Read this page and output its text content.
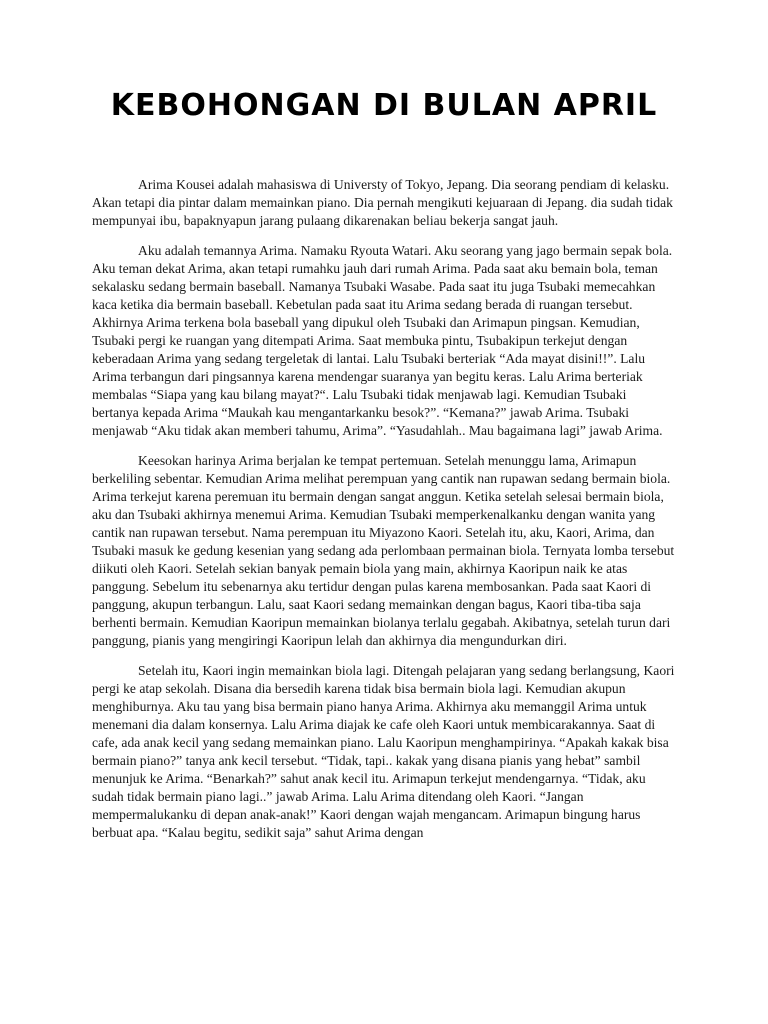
KEBOHONGAN DI BULAN APRIL

Arima Kousei adalah mahasiswa di Universty of Tokyo, Jepang. Dia seorang pendiam di kelasku. Akan tetapi dia pintar dalam memainkan piano. Dia pernah mengikuti kejuaraan di Jepang. dia sudah tidak mempunyai ibu, bapaknyapun jarang pulaang dikarenakan beliau bekerja sangat jauh.

Aku adalah temannya Arima. Namaku Ryouta Watari. Aku seorang yang jago bermain sepak bola. Aku teman dekat Arima, akan tetapi rumahku jauh dari rumah Arima. Pada saat aku bemain bola, teman sekalasku sedang bermain baseball. Namanya Tsubaki Wasabe. Pada saat itu juga Tsubaki memecahkan kaca ketika dia bermain baseball. Kebetulan pada saat itu Arima sedang berada di ruangan tersebut. Akhirnya Arima terkena bola baseball yang dipukul oleh Tsubaki dan Arimapun pingsan. Kemudian, Tsubaki pergi ke ruangan yang ditempati Arima. Saat membuka pintu, Tsubakipun terkejut dengan keberadaan Arima yang sedang tergeletak di lantai. Lalu Tsubaki berteriak “Ada mayat disini!!”. Lalu Arima terbangun dari pingsannya karena mendengar suaranya yan begitu keras. Lalu Arima berteriak membalas “Siapa yang kau bilang mayat?“. Lalu Tsubaki tidak menjawab lagi. Kemudian Tsubaki bertanya kepada Arima “Maukah kau mengantarkanku besok?”. “Kemana?” jawab Arima. Tsubaki menjawab “Aku tidak akan memberi tahumu, Arima”. “Yasudahlah.. Mau bagaimana lagi” jawab Arima.

Keesokan harinya Arima berjalan ke tempat pertemuan. Setelah menunggu lama, Arimapun berkeliling sebentar. Kemudian Arima melihat perempuan yang cantik nan rupawan sedang bermain biola. Arima terkejut karena peremuan itu bermain dengan sangat anggun. Ketika setelah selesai bermain biola, aku dan Tsubaki akhirnya menemui Arima. Kemudian Tsubaki memperkenalkanku dengan wanita yang cantik nan rupawan tersebut. Nama perempuan itu Miyazono Kaori. Setelah itu, aku, Kaori, Arima, dan Tsubaki masuk ke gedung kesenian yang sedang ada perlombaan permainan biola. Ternyata lomba tersebut diikuti oleh Kaori. Setelah sekian banyak pemain biola yang main, akhirnya Kaoripun naik ke atas panggung. Sebelum itu sebenarnya aku tertidur dengan pulas karena membosankan. Pada saat Kaori di panggung, akupun terbangun. Lalu, saat Kaori sedang memainkan dengan bagus, Kaori tiba-tiba saja berhenti bermain. Kemudian Kaoripun memainkan biolanya terlalu gegabah. Akibatnya, setelah turun dari panggung, pianis yang mengiringi Kaoripun lelah dan akhirnya dia mengundurkan diri.

Setelah itu, Kaori ingin memainkan biola lagi. Ditengah pelajaran yang sedang berlangsung, Kaori pergi ke atap sekolah. Disana dia bersedih karena tidak bisa bermain biola lagi. Kemudian akupun menghiburnya. Aku tau yang bisa bermain piano hanya Arima. Akhirnya aku memanggil Arima untuk menemani dia dalam konsernya. Lalu Arima diajak ke cafe oleh Kaori untuk membicarakannya. Saat di cafe, ada anak kecil yang sedang memainkan piano. Lalu Kaoripun menghampirinya. “Apakah kakak bisa bermain piano?” tanya ank kecil tersebut. “Tidak, tapi.. kakak yang disana pianis yang hebat” sambil menunjuk ke Arima. “Benarkah?” sahut anak kecil itu. Arimapun terkejut mendengarnya. “Tidak, aku sudah tidak bermain piano lagi..” jawab Arima. Lalu Arima ditendang oleh Kaori. “Jangan mempermalukanku di depan anak-anak!” Kaori dengan wajah mengancam. Arimapun bingung harus berbuat apa. “Kalau begitu, sedikit saja” sahut Arima dengan
